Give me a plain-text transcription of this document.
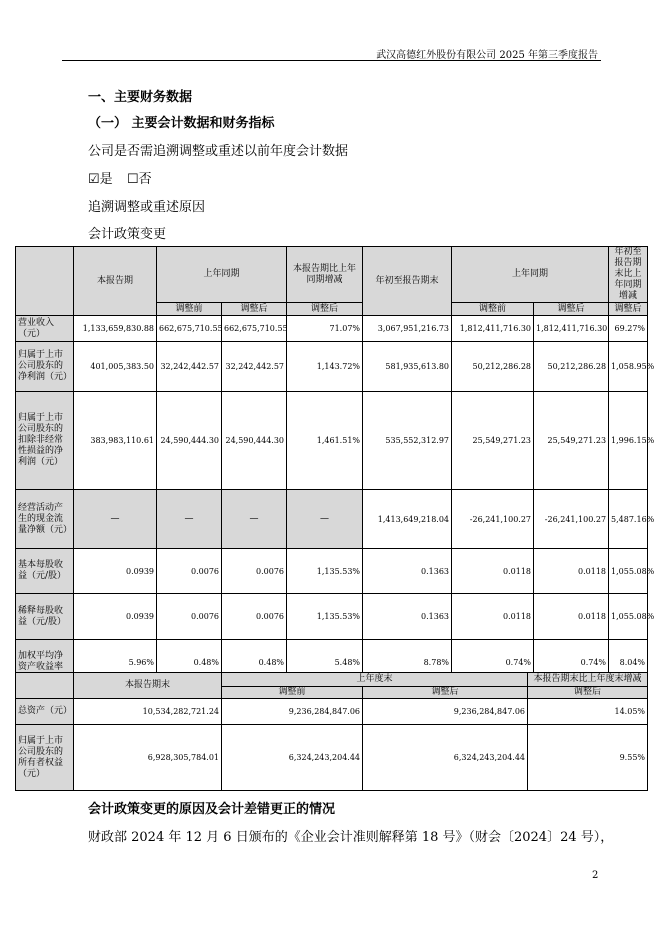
武汉高德红外股份有限公司 2025 年第三季度报告
一、主要财务数据
（一） 主要会计数据和财务指标
公司是否需追溯调整或重述以前年度会计数据
☑是 ☐否
追溯调整或重述原因
会计政策变更
	本报告期	上年同期		本报告期比上年同期增减	年初至报告期末	上年同期		年初至报告期末比上年同期增减
		调整前	调整后	调整后		调整前	调整后	调整后
营业收入（元）	1,133,659,830.88	662,675,710.55	662,675,710.55	71.07%	3,067,951,216.73	1,812,411,716.30	1,812,411,716.30	69.27%
归属于上市公司股东的净利润（元）	401,005,383.50	32,242,442.57	32,242,442.57	1,143.72%	581,935,613.80	50,212,286.28	50,212,286.28	1,058.95%
归属于上市公司股东的扣除非经常性损益的净利润（元）	383,983,110.61	24,590,444.30	24,590,444.30	1,461.51%	535,552,312.97	25,549,271.23	25,549,271.23	1,996.15%
经营活动产生的现金流量净额（元）	—	—	—	—	1,413,649,218.04	-26,241,100.27	-26,241,100.27	5,487.16%
基本每股收益（元/股）	0.0939	0.0076	0.0076	1,135.53%	0.1363	0.0118	0.0118	1,055.08%
稀释每股收益（元/股）	0.0939	0.0076	0.0076	1,135.53%	0.1363	0.0118	0.0118	1,055.08%
加权平均净资产收益率	5.96%	0.48%	0.48%	5.48%	8.78%	0.74%	0.74%	8.04%
	本报告期末	上年度末		本报告期末比上年度末增减
		调整前	调整后	调整后
总资产（元）	10,534,282,721.24	9,236,284,847.06	9,236,284,847.06	14.05%
归属于上市公司股东的所有者权益（元）	6,928,305,784.01	6,324,243,204.44	6,324,243,204.44	9.55%
会计政策变更的原因及会计差错更正的情况
财政部 2024 年 12 月 6 日颁布的《企业会计准则解释第 18 号》（财会〔2024〕24 号），
2
